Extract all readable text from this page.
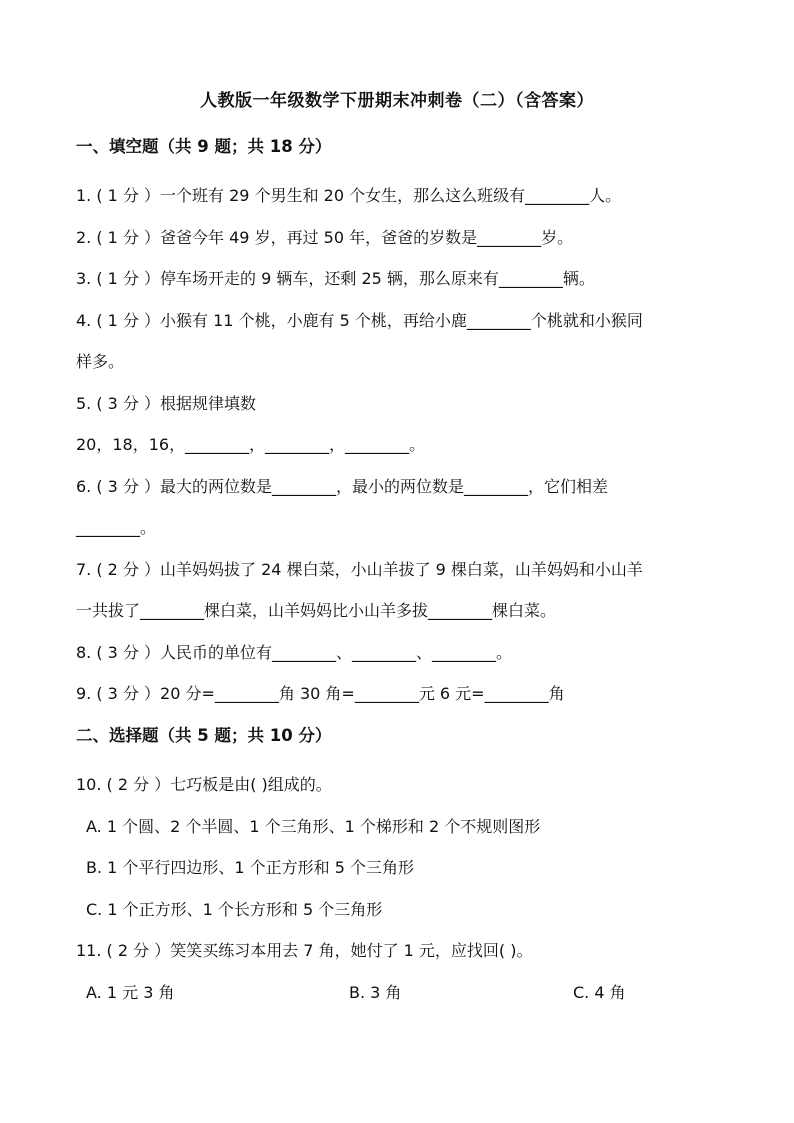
人教版一年级数学下册期末冲刺卷（二）（含答案）
一、填空题（共 9 题；共 18 分）
1. ( 1 分 ）一个班有 29 个男生和 20 个女生，那么这么班级有________人。
2. ( 1 分 ）爸爸今年 49 岁，再过 50 年，爸爸的岁数是________岁。
3. ( 1 分 ）停车场开走的 9 辆车，还剩 25 辆，那么原来有________辆。
4. ( 1 分 ）小猴有 11 个桃，小鹿有 5 个桃，再给小鹿________个桃就和小猴同
样多。
5. ( 3 分 ）根据规律填数
20，18，16，________，________，________。
6. ( 3 分 ）最大的两位数是________，最小的两位数是________，它们相差
________。
7. ( 2 分 ）山羊妈妈拔了 24 棵白菜，小山羊拔了 9 棵白菜，山羊妈妈和小山羊
一共拔了________棵白菜，山羊妈妈比小山羊多拔________棵白菜。
8. ( 3 分 ）人民币的单位有________、________、________。
9. ( 3 分 ）20 分=________角 30 角=________元 6 元=________角
二、选择题（共 5 题；共 10 分）
10. ( 2 分 ）七巧板是由( )组成的。
A. 1 个圆、2 个半圆、1 个三角形、1 个梯形和 2 个不规则图形
B. 1 个平行四边形、1 个正方形和 5 个三角形
C. 1 个正方形、1 个长方形和 5 个三角形
11. ( 2 分 ）笑笑买练习本用去 7 角，她付了 1 元，应找回( )。
A. 1 元 3 角	B. 3 角	C. 4 角
